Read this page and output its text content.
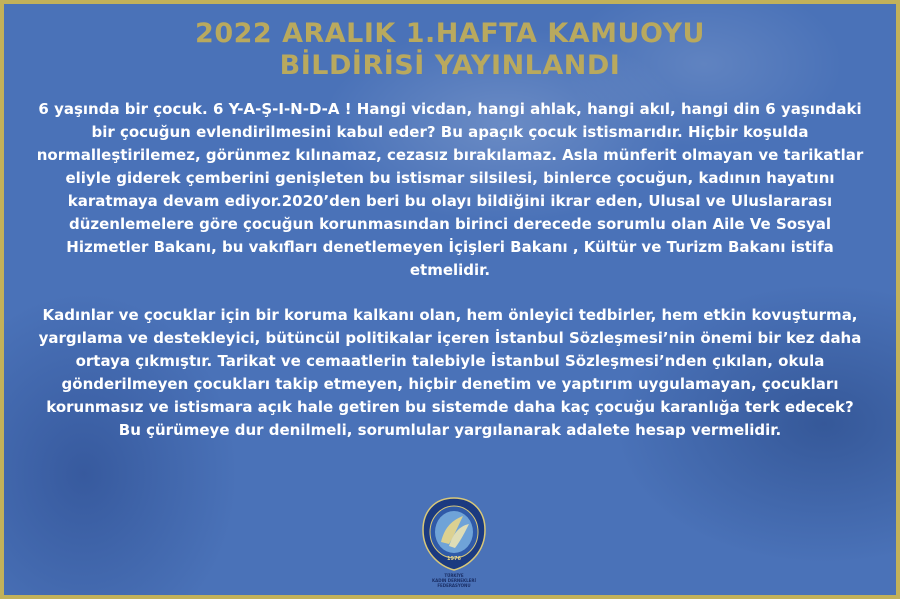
2022 ARALIK 1.HAFTA KAMUOYU
BİLDİRİSİ YAYINLANDI

6 yaşında bir çocuk. 6 Y-A-Ş-I-N-D-A ! Hangi vicdan, hangi ahlak, hangi akıl, hangi din 6 yaşındaki bir çocuğun evlendirilmesini kabul eder? Bu apaçık çocuk istismarıdır. Hiçbir koşulda normalleştirilemez, görünmez kılınamaz, cezasız bırakılamaz. Asla münferit olmayan ve tarikatlar eliyle giderek çemberini genişleten bu istismar silsilesi, binlerce çocuğun, kadının hayatını karatmaya devam ediyor.2020’den beri bu olayı bildiğini ikrar eden, Ulusal ve Uluslararası düzenlemelere göre çocuğun korunmasından birinci derecede sorumlu olan Aile Ve Sosyal Hizmetler Bakanı, bu vakıfları denetlemeyen İçişleri Bakanı , Kültür ve Turizm Bakanı istifa etmelidir.

Kadınlar ve çocuklar için bir koruma kalkanı olan, hem önleyici tedbirler, hem etkin kovuşturma, yargılama ve destekleyici, bütüncül politikalar içeren İstanbul Sözleşmesi’nin önemi bir kez daha ortaya çıkmıştır. Tarikat ve cemaatlerin talebiyle İstanbul Sözleşmesi’nden çıkılan, okula gönderilmeyen çocukları takip etmeyen, hiçbir denetim ve yaptırım uygulamayan, çocukları korunmasız ve istismara açık hale getiren bu sistemde daha kaç çocuğu karanlığa terk edecek? Bu çürümeye dur denilmeli, sorumlular yargılanarak adalete hesap vermelidir.

1976
TÜRKİYE
KADIN DERNEKLERİ
FEDERASYONU
